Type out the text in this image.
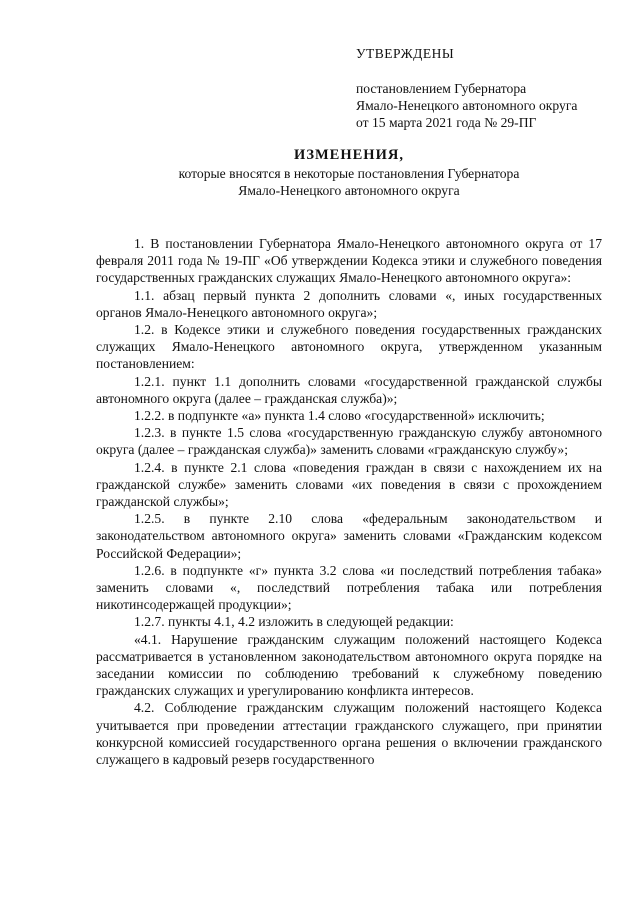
УТВЕРЖДЕНЫ
постановлением Губернатора
Ямало-Ненецкого автономного округа
от 15 марта 2021 года № 29-ПГ
ИЗМЕНЕНИЯ,
которые вносятся в некоторые постановления Губернатора
Ямало-Ненецкого автономного округа

1. В постановлении Губернатора Ямало-Ненецкого автономного округа от 17 февраля 2011 года № 19-ПГ «Об утверждении Кодекса этики и служебного поведения государственных гражданских служащих Ямало-Ненецкого автономного округа»:

1.1. абзац первый пункта 2 дополнить словами «, иных государственных органов Ямало-Ненецкого автономного округа»;

1.2. в Кодексе этики и служебного поведения государственных гражданских служащих Ямало-Ненецкого автономного округа, утвержденном указанным постановлением:

1.2.1. пункт 1.1 дополнить словами «государственной гражданской службы автономного округа (далее – гражданская служба)»;

1.2.2. в подпункте «а» пункта 1.4 слово «государственной» исключить;

1.2.3. в пункте 1.5 слова «государственную гражданскую службу автономного округа (далее – гражданская служба)» заменить словами «гражданскую службу»;

1.2.4. в пункте 2.1 слова «поведения граждан в связи с нахождением их на гражданской службе» заменить словами «их поведения в связи с прохождением гражданской службы»;

1.2.5. в пункте 2.10 слова «федеральным законодательством и законодательством автономного округа» заменить словами «Гражданским кодексом Российской Федерации»;

1.2.6. в подпункте «г» пункта 3.2 слова «и последствий потребления табака» заменить словами «, последствий потребления табака или потребления никотинсодержащей продукции»;

1.2.7. пункты 4.1, 4.2 изложить в следующей редакции:

«4.1. Нарушение гражданским служащим положений настоящего Кодекса рассматривается в установленном законодательством автономного округа порядке на заседании комиссии по соблюдению требований к служебному поведению гражданских служащих и урегулированию конфликта интересов.

4.2. Соблюдение гражданским служащим положений настоящего Кодекса учитывается при проведении аттестации гражданского служащего, при принятии конкурсной комиссией государственного органа решения о включении гражданского служащего в кадровый резерв государственного
